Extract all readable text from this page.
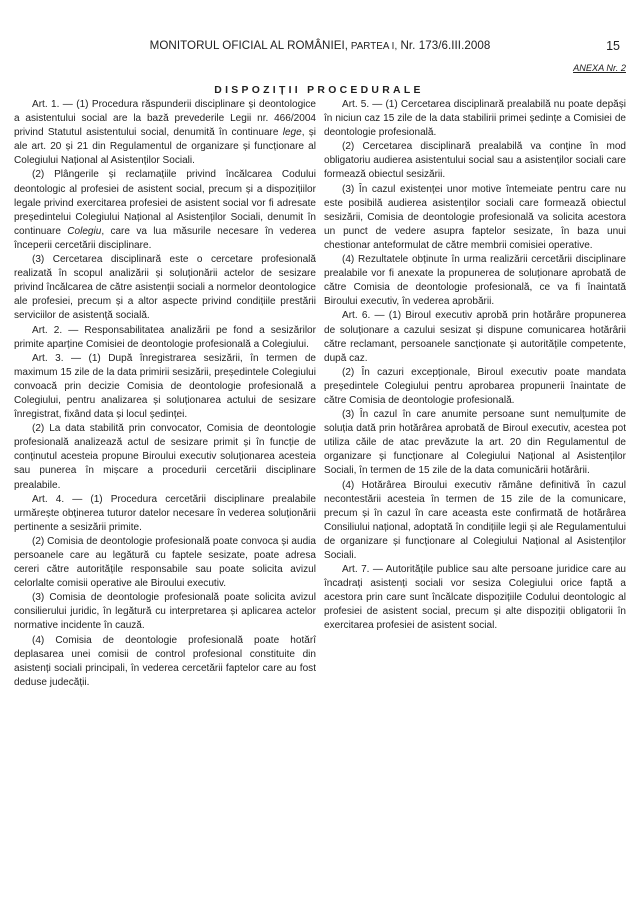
MONITORUL OFICIAL AL ROMÂNIEI, PARTEA I, Nr. 173/6.III.2008	15
ANEXA Nr. 2
DISPOZIȚII PROCEDURALE

Art. 1. — (1) Procedura răspunderii disciplinare și deontologice a asistentului social are la bază prevederile Legii nr. 466/2004 privind Statutul asistentului social, denumită în continuare lege, și ale art. 20 și 21 din Regulamentul de organizare și funcționare al Colegiului Național al Asistenților Sociali.

(2) Plângerile și reclamațiile privind încălcarea Codului deontologic al profesiei de asistent social, precum și a dispozițiilor legale privind exercitarea profesiei de asistent social vor fi adresate președintelui Colegiului Național al Asistenților Sociali, denumit în continuare Colegiu, care va lua măsurile necesare în vederea începerii cercetării disciplinare.

(3) Cercetarea disciplinară este o cercetare profesională realizată în scopul analizării și soluționării actelor de sesizare privind încălcarea de către asistenții sociali a normelor deontologice ale profesiei, precum și a altor aspecte privind condițiile prestării serviciilor de asistență socială.

Art. 2. — Responsabilitatea analizării pe fond a sesizărilor primite aparține Comisiei de deontologie profesională a Colegiului.

Art. 3. — (1) După înregistrarea sesizării, în termen de maximum 15 zile de la data primirii sesizării, președintele Colegiului convoacă prin decizie Comisia de deontologie profesională a Colegiului, pentru analizarea și soluționarea actului de sesizare înregistrat, fixând data și locul ședinței.

(2) La data stabilită prin convocator, Comisia de deontologie profesională analizează actul de sesizare primit și în funcție de conținutul acesteia propune Biroului executiv soluționarea acesteia sau punerea în mișcare a procedurii cercetării disciplinare prealabile.

Art. 4. — (1) Procedura cercetării disciplinare prealabile urmărește obținerea tuturor datelor necesare în vederea soluționării pertinente a sesizării primite.

(2) Comisia de deontologie profesională poate convoca și audia persoanele care au legătură cu faptele sesizate, poate adresa cereri către autoritățile responsabile sau poate solicita avizul celorlalte comisii operative ale Biroului executiv.

(3) Comisia de deontologie profesională poate solicita avizul consilierului juridic, în legătură cu interpretarea și aplicarea actelor normative incidente în cauză.

(4) Comisia de deontologie profesională poate hotărî deplasarea unei comisii de control profesional constituite din asistenți sociali principali, în vederea cercetării faptelor care au fost deduse judecății.

Art. 5. — (1) Cercetarea disciplinară prealabilă nu poate depăși în niciun caz 15 zile de la data stabilirii primei ședințe a Comisiei de deontologie profesională.

(2) Cercetarea disciplinară prealabilă va conține în mod obligatoriu audierea asistentului social sau a asistenților sociali care formează obiectul sesizării.

(3) În cazul existenței unor motive întemeiate pentru care nu este posibilă audierea asistenților sociali care formează obiectul sesizării, Comisia de deontologie profesională va solicita acestora un punct de vedere asupra faptelor sesizate, în baza unui chestionar anteformulat de către membrii comisiei operative.

(4) Rezultatele obținute în urma realizării cercetării disciplinare prealabile vor fi anexate la propunerea de soluționare aprobată de către Comisia de deontologie profesională, ce va fi înaintată Biroului executiv, în vederea aprobării.

Art. 6. — (1) Biroul executiv aprobă prin hotărâre propunerea de soluționare a cazului sesizat și dispune comunicarea hotărârii către reclamant, persoanele sancționate și autoritățile competente, după caz.

(2) În cazuri excepționale, Biroul executiv poate mandata președintele Colegiului pentru aprobarea propunerii înaintate de către Comisia de deontologie profesională.

(3) În cazul în care anumite persoane sunt nemulțumite de soluția dată prin hotărârea aprobată de Biroul executiv, acestea pot utiliza căile de atac prevăzute la art. 20 din Regulamentul de organizare și funcționare al Colegiului Național al Asistenților Sociali, în termen de 15 zile de la data comunicării hotărârii.

(4) Hotărârea Biroului executiv rămâne definitivă în cazul necontestării acesteia în termen de 15 zile de la comunicare, precum și în cazul în care aceasta este confirmată de hotărârea Consiliului național, adoptată în condițiile legii și ale Regulamentului de organizare și funcționare al Colegiului Național al Asistenților Sociali.

Art. 7. — Autoritățile publice sau alte persoane juridice care au încadrați asistenți sociali vor sesiza Colegiului orice faptă a acestora prin care sunt încălcate dispozițiile Codului deontologic al profesiei de asistent social, precum și alte dispoziții obligatorii în exercitarea profesiei de asistent social.
